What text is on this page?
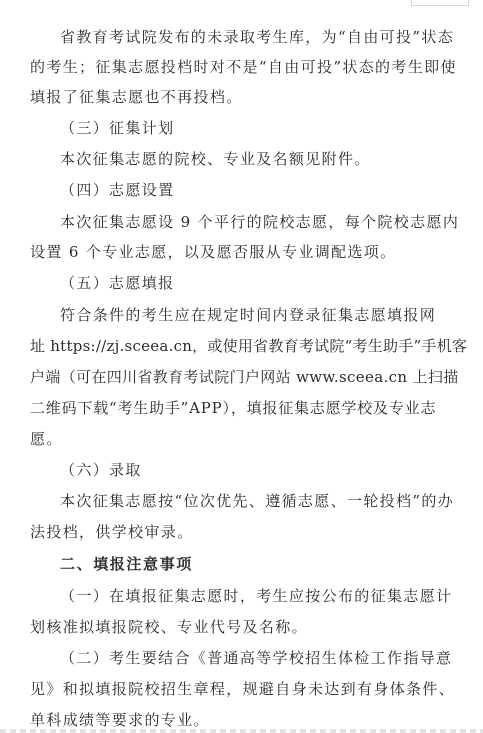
省教育考试院发布的未录取考生库，为“自由可投”状态
的考生；征集志愿投档时对不是“自由可投”状态的考生即使
填报了征集志愿也不再投档。
（三）征集计划
本次征集志愿的院校、专业及名额见附件。
（四）志愿设置
本次征集志愿设 9 个平行的院校志愿，每个院校志愿内
设置 6 个专业志愿，以及愿否服从专业调配选项。
（五）志愿填报
符合条件的考生应在规定时间内登录征集志愿填报网
址 https://zj.sceea.cn，或使用省教育考试院“考生助手”手机客
户端（可在四川省教育考试院门户网站 www.sceea.cn 上扫描
二维码下载“考生助手”APP），填报征集志愿学校及专业志
愿。
（六）录取
本次征集志愿按“位次优先、遵循志愿、一轮投档”的办
法投档，供学校审录。
二、填报注意事项
（一）在填报征集志愿时，考生应按公布的征集志愿计
划核准拟填报院校、专业代号及名称。
（二）考生要结合《普通高等学校招生体检工作指导意
见》和拟填报院校招生章程，规避自身未达到有身体条件、
单科成绩等要求的专业。
